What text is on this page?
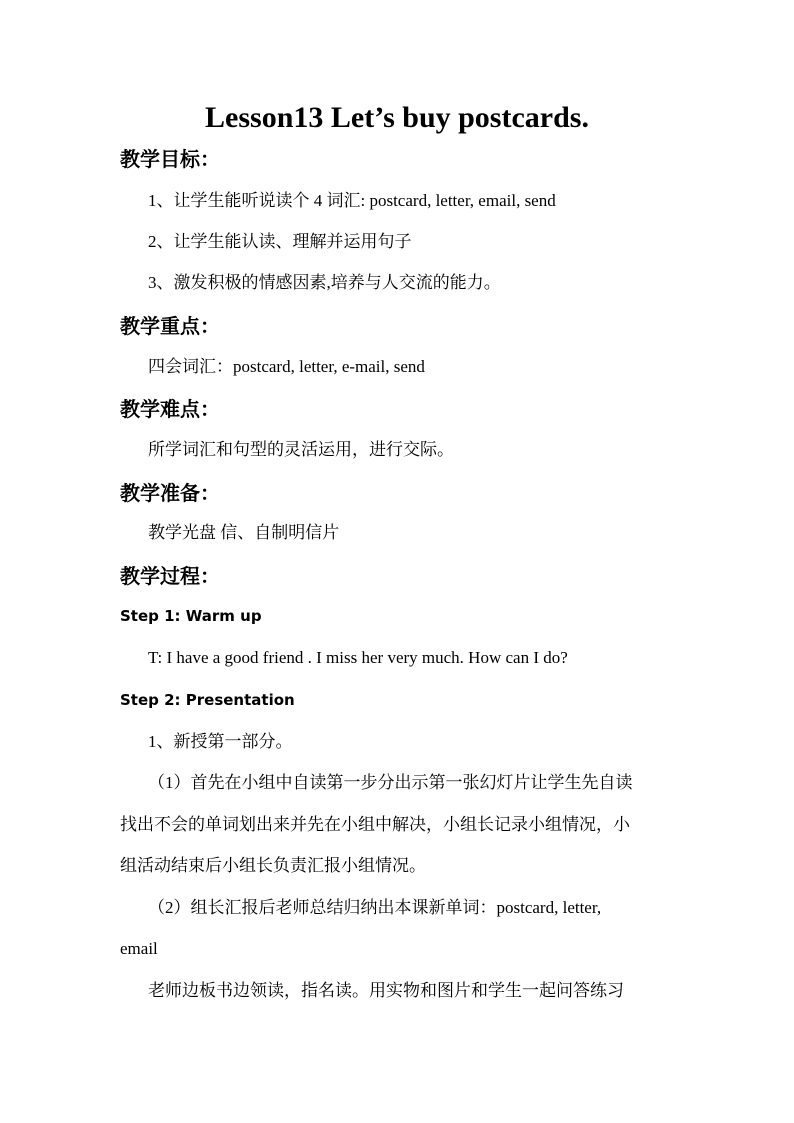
Lesson13 Let’s buy postcards.
教学目标：
1、让学生能听说读个 4 词汇: postcard, letter, email, send
2、让学生能认读、理解并运用句子
3、激发积极的情感因素,培养与人交流的能力。
教学重点：
四会词汇：postcard, letter, e-mail, send
教学难点：
所学词汇和句型的灵活运用，进行交际。
教学准备：
教学光盘 信、自制明信片
教学过程：
Step 1: Warm up
T: I have a good friend . I miss her very much. How can I do?
Step 2: Presentation
1、新授第一部分。
（1）首先在小组中自读第一步分出示第一张幻灯片让学生先自读
找出不会的单词划出来并先在小组中解决，小组长记录小组情况，小
组活动结束后小组长负责汇报小组情况。
（2）组长汇报后老师总结归纳出本课新单词：postcard, letter,
email
老师边板书边领读，指名读。用实物和图片和学生一起问答练习
